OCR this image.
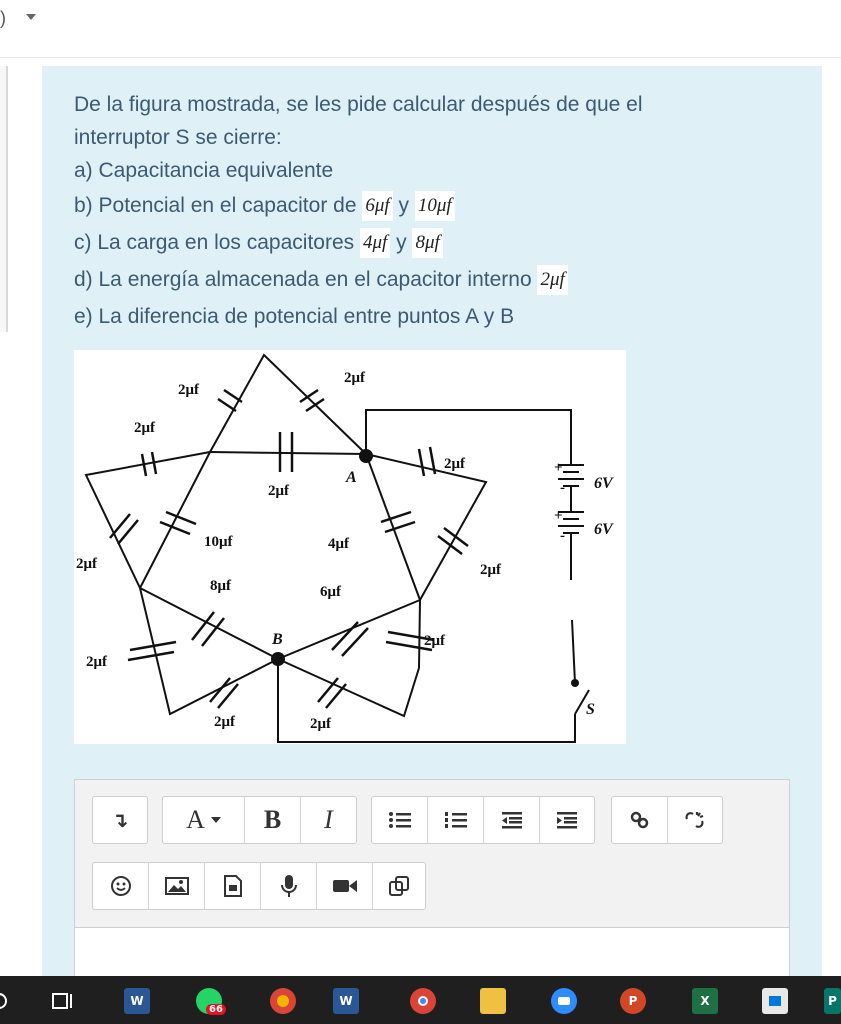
)
De la figura mostrada, se les pide calcular después de que el
interruptor S se cierre:
a) Capacitancia equivalente
b) Potencial en el capacitor de 6μf y 10μf
c) La carga en los capacitores 4μf y 8μf
d) La energía almacenada en el capacitor interno 2μf
e) La diferencia de potencial entre puntos A y B
2μf
2μf
2μf
2μf
2μf
2μf
10μf	4μf
2μf
8μf	6μf
2μf
2μf
2μf	2μf
A
B
6V
6V
S
+
-
+
-
↴	A	B	I
W
66
W	P	X	P
